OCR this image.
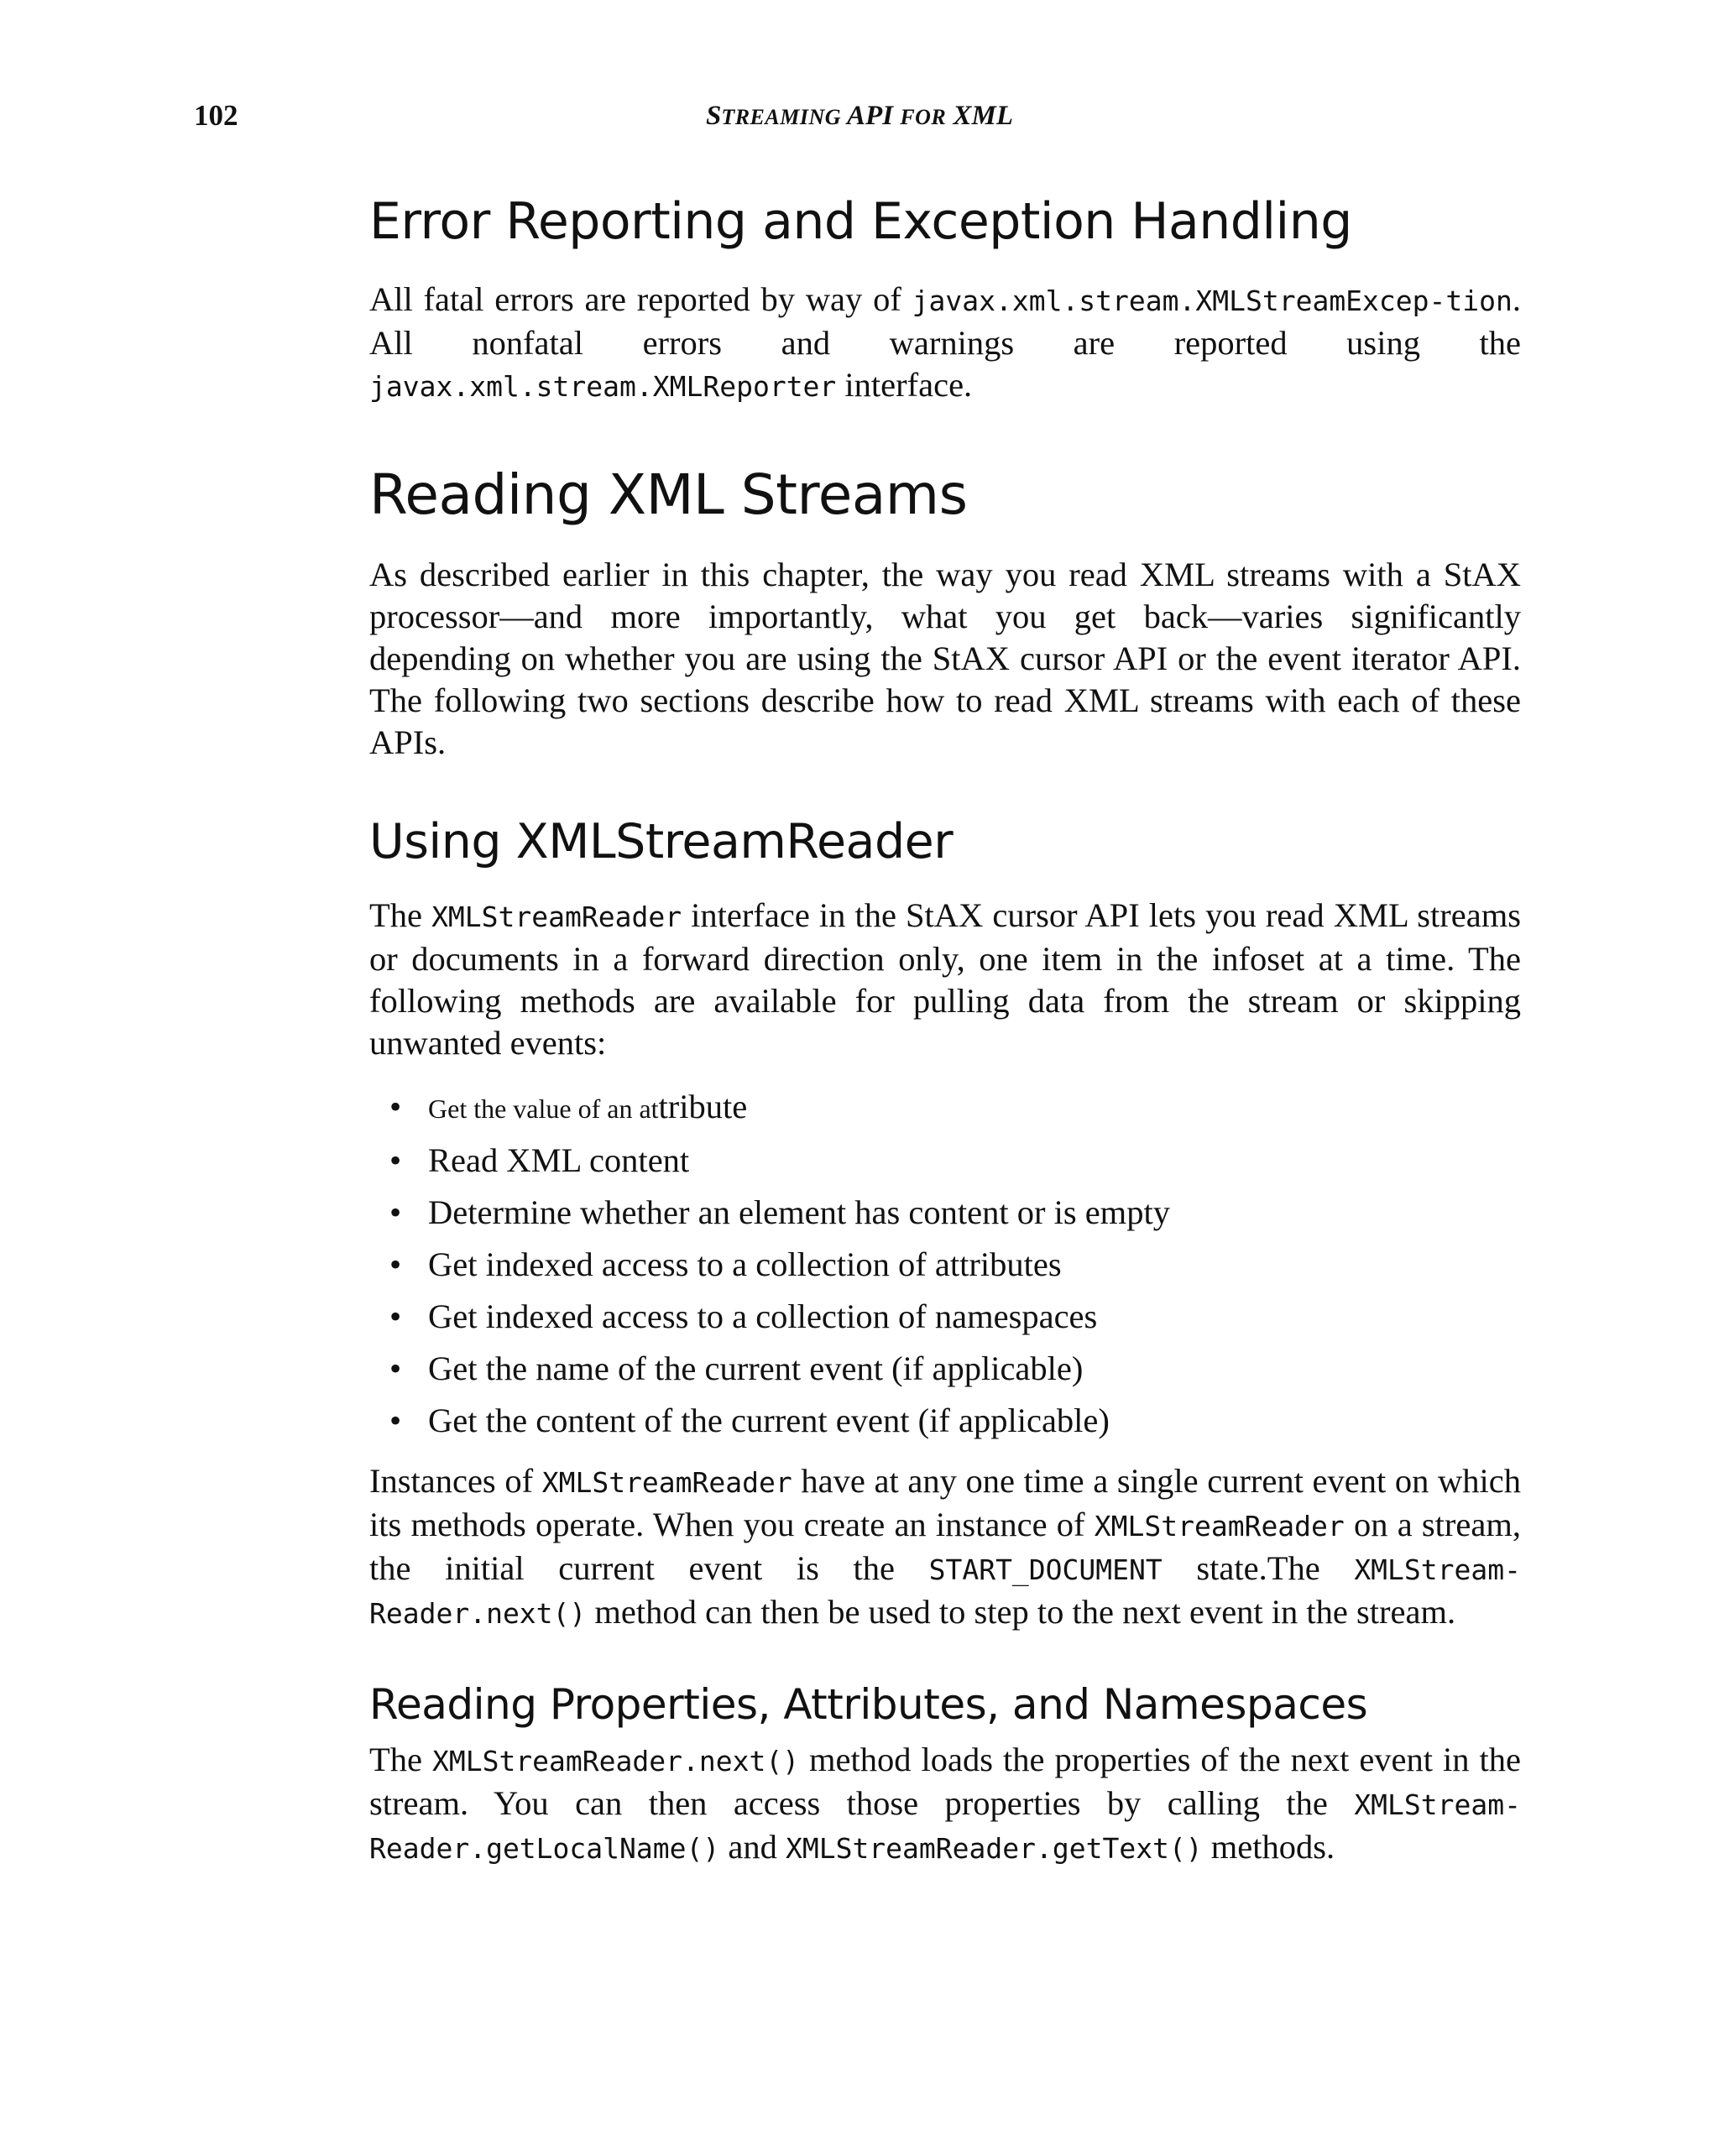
102	STREAMING API FOR XML
Error Reporting and Exception Handling

All fatal errors are reported by way of javax.xml.stream.XMLStreamExcep-tion. All nonfatal errors and warnings are reported using the javax.xml.stream.XMLReporter interface.

Reading XML Streams

As described earlier in this chapter, the way you read XML streams with a StAX processor—and more importantly, what you get back—varies significantly depending on whether you are using the StAX cursor API or the event iterator API. The following two sections describe how to read XML streams with each of these APIs.

Using XMLStreamReader

The XMLStreamReader interface in the StAX cursor API lets you read XML streams or documents in a forward direction only, one item in the infoset at a time. The following methods are available for pulling data from the stream or skipping unwanted events:

• Get the value of an attribute
• Read XML content
• Determine whether an element has content or is empty
• Get indexed access to a collection of attributes
• Get indexed access to a collection of namespaces
• Get the name of the current event (if applicable)
• Get the content of the current event (if applicable)

Instances of XMLStreamReader have at any one time a single current event on which its methods operate. When you create an instance of XMLStreamReader on a stream, the initial current event is the START_DOCUMENT state.The XMLStream-Reader.next() method can then be used to step to the next event in the stream.

Reading Properties, Attributes, and Namespaces

The XMLStreamReader.next() method loads the properties of the next event in the stream. You can then access those properties by calling the XMLStream-Reader.getLocalName() and XMLStreamReader.getText() methods.
